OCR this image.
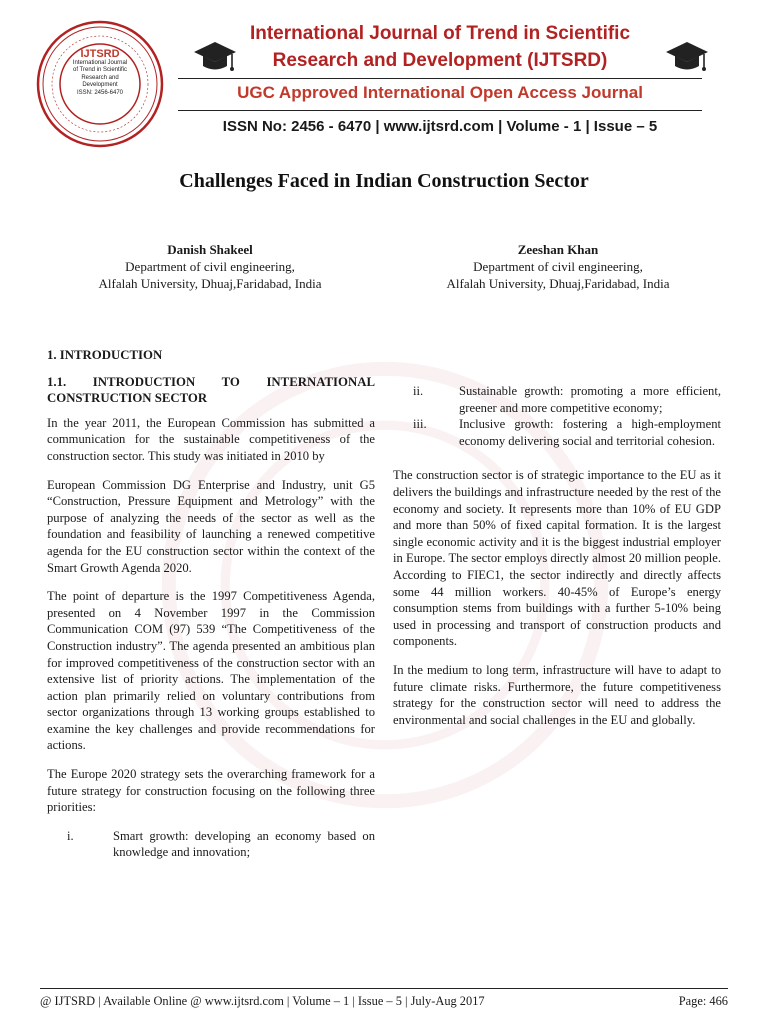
IJTSRD
International Journal
of Trend in Scientific
Research and
Development
ISSN: 2456-6470
International Journal of Trend in Scientific
Research and Development (IJTSRD)
UGC Approved International Open Access Journal
ISSN No: 2456 - 6470 | www.ijtsrd.com | Volume - 1 | Issue – 5
Challenges Faced in Indian Construction Sector
Danish Shakeel
Department of civil engineering,
Alfalah University, Dhuaj,Faridabad, India
Zeeshan Khan
Department of civil engineering,
Alfalah University, Dhuaj,Faridabad, India
1. INTRODUCTION
1.1. INTRODUCTION TO INTERNATIONAL CONSTRUCTION SECTOR

In the year 2011, the European Commission has submitted a communication for the sustainable competitiveness of the construction sector. This study was initiated in 2010 by

European Commission DG Enterprise and Industry, unit G5 “Construction, Pressure Equipment and Metrology” with the purpose of analyzing the needs of the sector as well as the foundation and feasibility of launching a renewed competitive agenda for the EU construction sector within the context of the Smart Growth Agenda 2020.

The point of departure is the 1997 Competitiveness Agenda, presented on 4 November 1997 in the Commission Communication COM (97) 539 “The Competitiveness of the Construction industry”. The agenda presented an ambitious plan for improved competitiveness of the construction sector with an extensive list of priority actions. The implementation of the action plan primarily relied on voluntary contributions from sector organizations through 13 working groups established to examine the key challenges and provide recommendations for actions.

The Europe 2020 strategy sets the overarching framework for a future strategy for construction focusing on the following three priorities:

i.	Smart growth: developing an economy based on knowledge and innovation;
ii.	Sustainable growth: promoting a more efficient, greener and more competitive economy;
iii.	Inclusive growth: fostering a high-employment economy delivering social and territorial cohesion.

The construction sector is of strategic importance to the EU as it delivers the buildings and infrastructure needed by the rest of the economy and society. It represents more than 10% of EU GDP and more than 50% of fixed capital formation. It is the largest single economic activity and it is the biggest industrial employer in Europe. The sector employs directly almost 20 million people. According to FIEC1, the sector indirectly and directly affects some 44 million workers. 40-45% of Europe’s energy consumption stems from buildings with a further 5-10% being used in processing and transport of construction products and components.

In the medium to long term, infrastructure will have to adapt to future climate risks. Furthermore, the future competitiveness strategy for the construction sector will need to address the environmental and social challenges in the EU and globally.

@ IJTSRD | Available Online @ www.ijtsrd.com | Volume – 1 | Issue – 5 | July-Aug 2017	Page: 466
